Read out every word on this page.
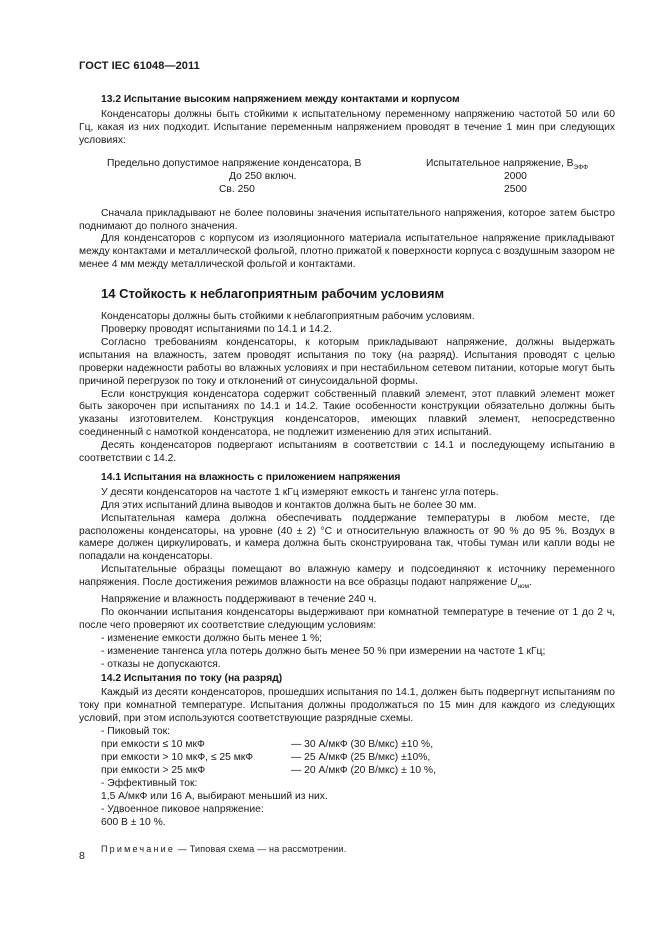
ГОСТ IEC 61048—2011
13.2 Испытание высоким напряжением между контактами и корпусом

Конденсаторы должны быть стойкими к испытательному переменному напряжению частотой 50 или 60 Гц, какая из них подходит. Испытание переменным напряжением проводят в течение 1 мин при следующих условиях:

Предельно допустимое напряжение конденсатора, В	Испытательное напряжение, $В_{ЭФФ}$
До 250 включ.	2000
Св. 250	2500

Сначала прикладывают не более половины значения испытательного напряжения, которое затем быстро поднимают до полного значения.

Для конденсаторов с корпусом из изоляционного материала испытательное напряжение прикладывают между контактами и металлической фольгой, плотно прижатой к поверхности корпуса с воздушным зазором не менее 4 мм между металлической фольгой и контактами.

14 Стойкость к неблагоприятным рабочим условиям

Конденсаторы должны быть стойкими к неблагоприятным рабочим условиям.

Проверку проводят испытаниями по 14.1 и 14.2.

Согласно требованиям конденсаторы, к которым прикладывают напряжение, должны выдержать испытания на влажность, затем проводят испытания по току (на разряд). Испытания проводят с целью проверки надежности работы во влажных условиях и при нестабильном сетевом питании, которые могут быть причиной перегрузок по току и отклонений от синусоидальной формы.

Если конструкция конденсатора содержит собственный плавкий элемент, этот плавкий элемент может быть закорочен при испытаниях по 14.1 и 14.2. Такие особенности конструкции обязательно должны быть указаны изготовителем. Конструкция конденсаторов, имеющих плавкий элемент, непосредственно соединенный с намоткой конденсатора, не подлежит изменению для этих испытаний.

Десять конденсаторов подвергают испытаниям в соответствии с 14.1 и последующему испытанию в соответствии с 14.2.

14.1 Испытания на влажность с приложением напряжения

У десяти конденсаторов на частоте 1 кГц измеряют емкость и тангенс угла потерь.

Для этих испытаний длина выводов и контактов должна быть не более 30 мм.

Испытательная камера должна обеспечивать поддержание температуры в любом месте, где расположены конденсаторы, на уровне (40 ± 2) °С и относительную влажность от 90 % до 95 %. Воздух в камере должен циркулировать, и камера должна быть сконструирована так, чтобы туман или капли воды не попадали на конденсаторы.

Испытательные образцы помещают во влажную камеру и подсоединяют к источнику переменного напряжения. После достижения режимов влажности на все образцы подают напряжение $U_{ном}$.

Напряжение и влажность поддерживают в течение 240 ч.

По окончании испытания конденсаторы выдерживают при комнатной температуре в течение от 1 до 2 ч, после чего проверяют их соответствие следующим условиям:

- изменение емкости должно быть менее 1 %;
- изменение тангенса угла потерь должно быть менее 50 % при измерении на частоте 1 кГц;
- отказы не допускаются.
14.2 Испытания по току (на разряд)

Каждый из десяти конденсаторов, прошедших испытания по 14.1, должен быть подвергнут испытаниям по току при комнатной температуре. Испытания должны продолжаться по 15 мин для каждого из следующих условий, при этом используются соответствующие разрядные схемы.

- Пиковый ток:
при емкости ≤ 10 мкФ	— 30 А/мкФ (30 В/мкс) ±10 %,
при емкости > 10 мкФ, ≤ 25 мкФ	— 25 А/мкФ (25 В/мкс) ±10%,
при емкости > 25 мкФ	— 20 А/мкФ (20 В/мкс) ± 10 %,
- Эффективный ток:
1,5 А/мкФ или 16 А, выбирают меньший из них.
- Удвоенное пиковое напряжение:
600 В ± 10 %.
Примечание — Типовая схема — на рассмотрении.
8
